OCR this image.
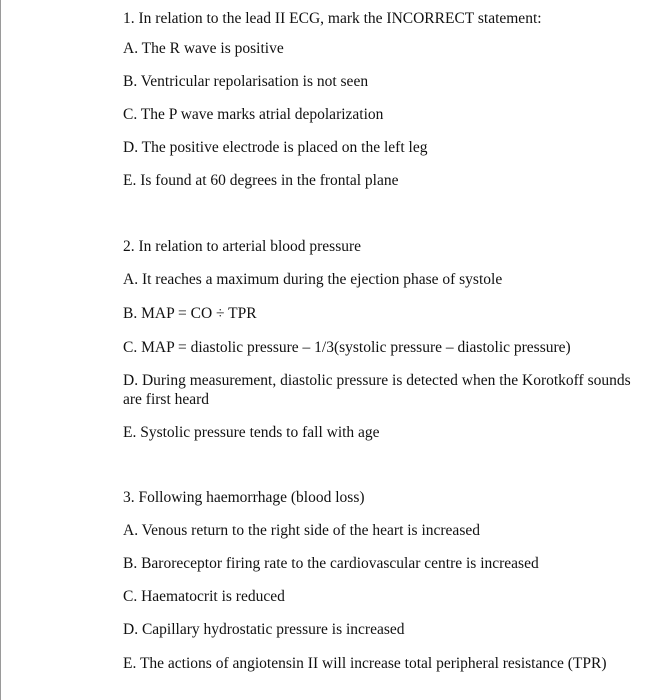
1. In relation to the lead II ECG, mark the INCORRECT statement:

A. The R wave is positive

B. Ventricular repolarisation is not seen

C. The P wave marks atrial depolarization

D. The positive electrode is placed on the left leg

E. Is found at 60 degrees in the frontal plane

2. In relation to arterial blood pressure

A. It reaches a maximum during the ejection phase of systole

B. MAP = CO ÷ TPR

C. MAP = diastolic pressure – 1/3(systolic pressure – diastolic pressure)

D. During measurement, diastolic pressure is detected when the Korotkoff sounds are first heard

E. Systolic pressure tends to fall with age

3. Following haemorrhage (blood loss)

A. Venous return to the right side of the heart is increased

B. Baroreceptor firing rate to the cardiovascular centre is increased

C. Haematocrit is reduced

D. Capillary hydrostatic pressure is increased

E. The actions of angiotensin II will increase total peripheral resistance (TPR)
